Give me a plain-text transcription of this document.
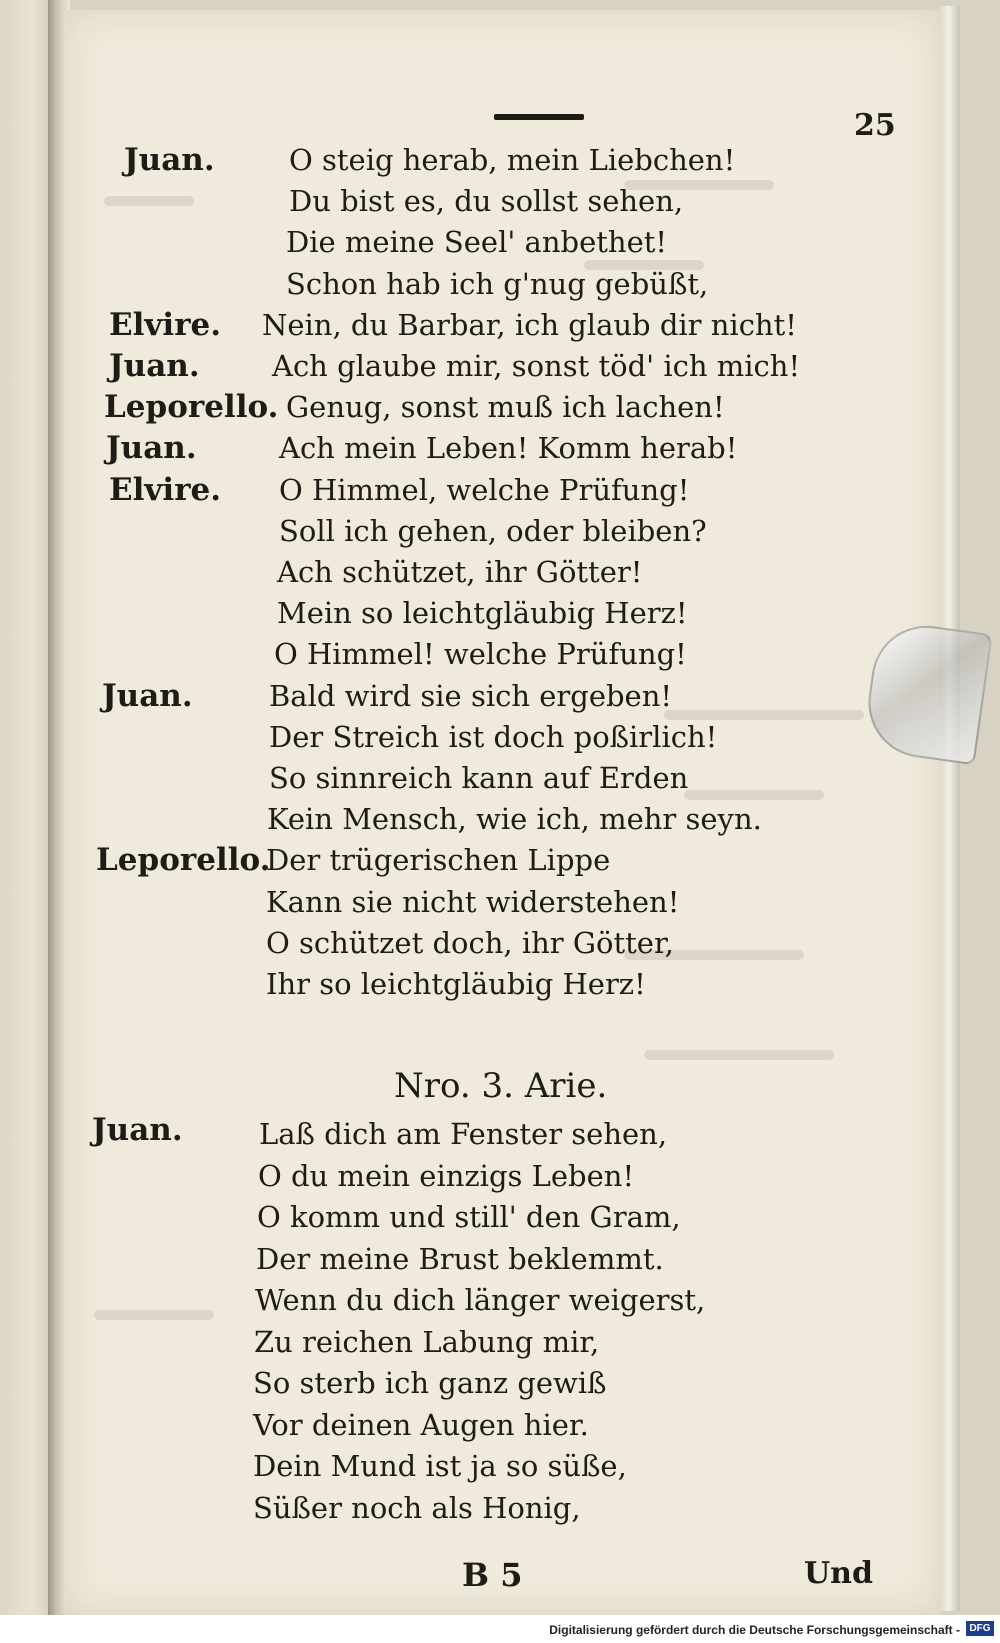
25
Juan.	O steig herab, mein Liebchen!
Du bist es, du sollst sehen,
Die meine Seel' anbethet!
Schon hab ich g'nug gebüßt,
Elvire. Nein, du Barbar, ich glaub dir nicht!
Juan. Ach glaube mir, sonst töd' ich mich!
Leporello. Genug, sonst muß ich lachen!
Juan.	Ach mein Leben! Komm herab!
Elvire. O Himmel, welche Prüfung!
Soll ich gehen, oder bleiben?
Ach schützet, ihr Götter!
Mein so leichtgläubig Herz!
O Himmel! welche Prüfung!
Juan.	Bald wird sie sich ergeben!
Der Streich ist doch poßirlich!
So sinnreich kann auf Erden
Kein Mensch, wie ich, mehr seyn.
Leporello.
Der trügerischen Lippe
Kann sie nicht widerstehen!
O schützet doch, ihr Götter,
Ihr so leichtgläubig Herz!
Nro. 3. Arie.
Juan.	Laß dich am Fenster sehen,
O du mein einzigs Leben!
O komm und still' den Gram,
Der meine Brust beklemmt.
Wenn du dich länger weigerst,
Zu reichen Labung mir,
So sterb ich ganz gewiß
Vor deinen Augen hier.
Dein Mund ist ja so süße,
Süßer noch als Honig,
B 5	Und
Digitalisierung gefördert durch die Deutsche Forschungsgemeinschaft - DFG
